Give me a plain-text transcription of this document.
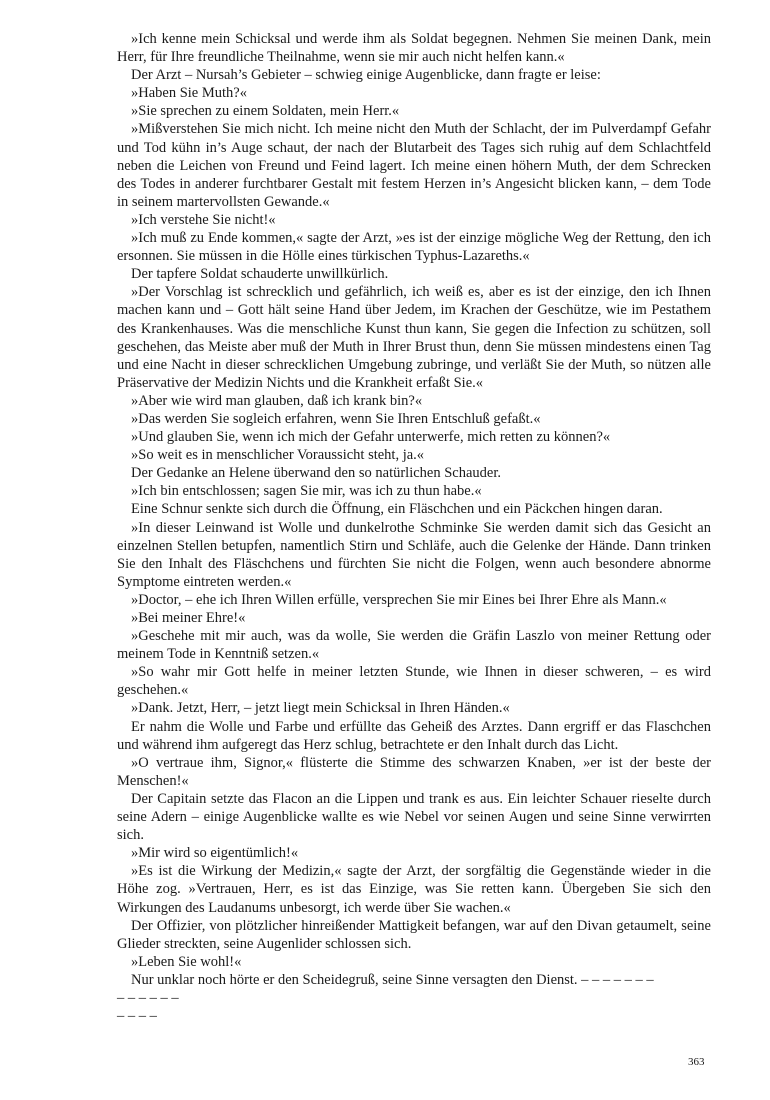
»Ich kenne mein Schicksal und werde ihm als Soldat begegnen. Nehmen Sie meinen Dank, mein Herr, für Ihre freundliche Theilnahme, wenn sie mir auch nicht helfen kann.«

Der Arzt – Nursah’s Gebieter – schwieg einige Augenblicke, dann fragte er leise:

»Haben Sie Muth?«

»Sie sprechen zu einem Soldaten, mein Herr.«

»Mißverstehen Sie mich nicht. Ich meine nicht den Muth der Schlacht, der im Pulverdampf Gefahr und Tod kühn in’s Auge schaut, der nach der Blutarbeit des Tages sich ruhig auf dem Schlachtfeld neben die Leichen von Freund und Feind lagert. Ich meine einen höhern Muth, der dem Schrecken des Todes in anderer furchtbarer Gestalt mit festem Herzen in’s Angesicht blicken kann, – dem Tode in seinem martervollsten Gewande.«

»Ich verstehe Sie nicht!«

»Ich muß zu Ende kommen,« sagte der Arzt, »es ist der einzige mögliche Weg der Rettung, den ich ersonnen. Sie müssen in die Hölle eines türkischen Typhus-Lazareths.«

Der tapfere Soldat schauderte unwillkürlich.

»Der Vorschlag ist schrecklich und gefährlich, ich weiß es, aber es ist der einzige, den ich Ihnen machen kann und – Gott hält seine Hand über Jedem, im Krachen der Geschütze, wie im Pestathem des Krankenhauses. Was die menschliche Kunst thun kann, Sie gegen die Infection zu schützen, soll geschehen, das Meiste aber muß der Muth in Ihrer Brust thun, denn Sie müssen mindestens einen Tag und eine Nacht in dieser schrecklichen Umgebung zubringe, und verläßt Sie der Muth, so nützen alle Präservative der Medizin Nichts und die Krankheit erfaßt Sie.«

»Aber wie wird man glauben, daß ich krank bin?«

»Das werden Sie sogleich erfahren, wenn Sie Ihren Entschluß gefaßt.«

»Und glauben Sie, wenn ich mich der Gefahr unterwerfe, mich retten zu können?«

»So weit es in menschlicher Voraussicht steht, ja.«

Der Gedanke an Helene überwand den so natürlichen Schauder.

»Ich bin entschlossen; sagen Sie mir, was ich zu thun habe.«

Eine Schnur senkte sich durch die Öffnung, ein Fläschchen und ein Päckchen hingen daran.

»In dieser Leinwand ist Wolle und dunkelrothe Schminke Sie werden damit sich das Gesicht an einzelnen Stellen betupfen, namentlich Stirn und Schläfe, auch die Gelenke der Hände. Dann trinken Sie den Inhalt des Fläschchens und fürchten Sie nicht die Folgen, wenn auch besondere abnorme Symptome eintreten werden.«

»Doctor, – ehe ich Ihren Willen erfülle, versprechen Sie mir Eines bei Ihrer Ehre als Mann.«

»Bei meiner Ehre!«

»Geschehe mit mir auch, was da wolle, Sie werden die Gräfin Laszlo von meiner Rettung oder meinem Tode in Kenntniß setzen.«

»So wahr mir Gott helfe in meiner letzten Stunde, wie Ihnen in dieser schweren, – es wird geschehen.«

»Dank. Jetzt, Herr, – jetzt liegt mein Schicksal in Ihren Händen.«

Er nahm die Wolle und Farbe und erfüllte das Geheiß des Arztes. Dann ergriff er das Flaschchen und während ihm aufgeregt das Herz schlug, betrachtete er den Inhalt durch das Licht.

»O vertraue ihm, Signor,« flüsterte die Stimme des schwarzen Knaben, »er ist der beste der Menschen!«

Der Capitain setzte das Flacon an die Lippen und trank es aus. Ein leichter Schauer rieselte durch seine Adern – einige Augenblicke wallte es wie Nebel vor seinen Augen und seine Sinne verwirrten sich.

»Mir wird so eigentümlich!«

»Es ist die Wirkung der Medizin,« sagte der Arzt, der sorgfältig die Gegenstände wieder in die Höhe zog. »Vertrauen, Herr, es ist das Einzige, was Sie retten kann. Übergeben Sie sich den Wirkungen des Laudanums unbesorgt, ich werde über Sie wachen.«

Der Offizier, von plötzlicher hinreißender Mattigkeit befangen, war auf den Divan getaumelt, seine Glieder streckten, seine Augenlider schlossen sich.

»Leben Sie wohl!«

Nur unklar noch hörte er den Scheidegruß, seine Sinne versagten den Dienst. – – – – – – –

– – – – – –

– – – –

363
